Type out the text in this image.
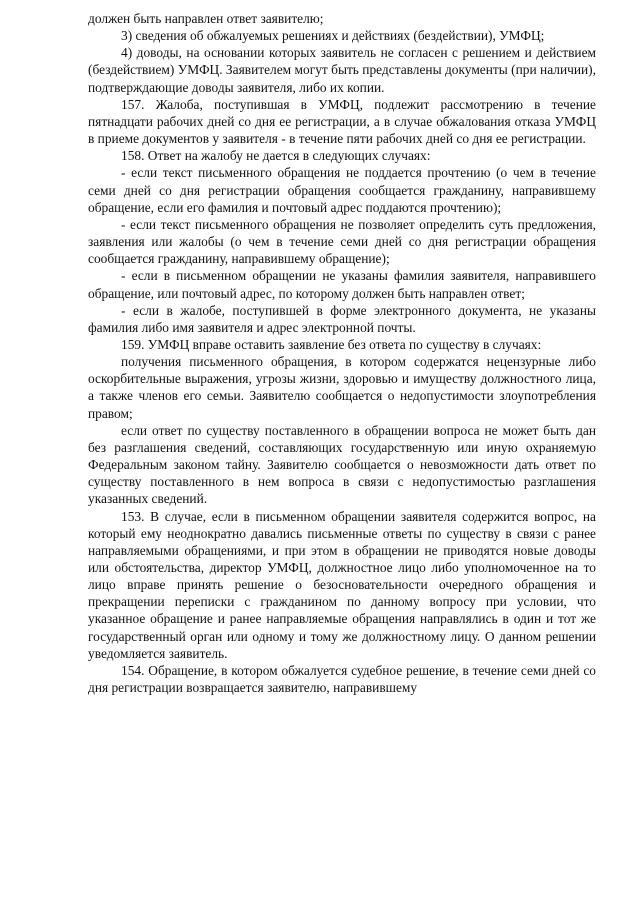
должен быть направлен ответ заявителю;

3) сведения об обжалуемых решениях и действиях (бездействии), УМФЦ;

4) доводы, на основании которых заявитель не согласен с решением и действием (бездействием) УМФЦ. Заявителем могут быть представлены документы (при наличии), подтверждающие доводы заявителя, либо их копии.

157. Жалоба, поступившая в УМФЦ, подлежит рассмотрению в течение пятнадцати рабочих дней со дня ее регистрации, а в случае обжалования отказа УМФЦ в приеме документов у заявителя - в течение пяти рабочих дней со дня ее регистрации.

158. Ответ на жалобу не дается в следующих случаях:

- если текст письменного обращения не поддается прочтению (о чем в течение семи дней со дня регистрации обращения сообщается гражданину, направившему обращение, если его фамилия и почтовый адрес поддаются прочтению);

- если текст письменного обращения не позволяет определить суть предложения, заявления или жалобы (о чем в течение семи дней со дня регистрации обращения сообщается гражданину, направившему обращение);

- если в письменном обращении не указаны фамилия заявителя, направившего обращение, или почтовый адрес, по которому должен быть направлен ответ;

- если в жалобе, поступившей в форме электронного документа, не указаны фамилия либо имя заявителя и адрес электронной почты.

159. УМФЦ вправе оставить заявление без ответа по существу в случаях:

получения письменного обращения, в котором содержатся нецензурные либо оскорбительные выражения, угрозы жизни, здоровью и имуществу должностного лица, а также членов его семьи. Заявителю сообщается о недопустимости злоупотребления правом;

если ответ по существу поставленного в обращении вопроса не может быть дан без разглашения сведений, составляющих государственную или иную охраняемую Федеральным законом тайну. Заявителю сообщается о невозможности дать ответ по существу поставленного в нем вопроса в связи с недопустимостью разглашения указанных сведений.

153. В случае, если в письменном обращении заявителя содержится вопрос, на который ему неоднократно давались письменные ответы по существу в связи с ранее направляемыми обращениями, и при этом в обращении не приводятся новые доводы или обстоятельства, директор УМФЦ, должностное лицо либо уполномоченное на то лицо вправе принять решение о безосновательности очередного обращения и прекращении переписки с гражданином по данному вопросу при условии, что указанное обращение и ранее направляемые обращения направлялись в один и тот же государственный орган или одному и тому же должностному лицу. О данном решении уведомляется заявитель.

154. Обращение, в котором обжалуется судебное решение, в течение семи дней со дня регистрации возвращается заявителю, направившему
